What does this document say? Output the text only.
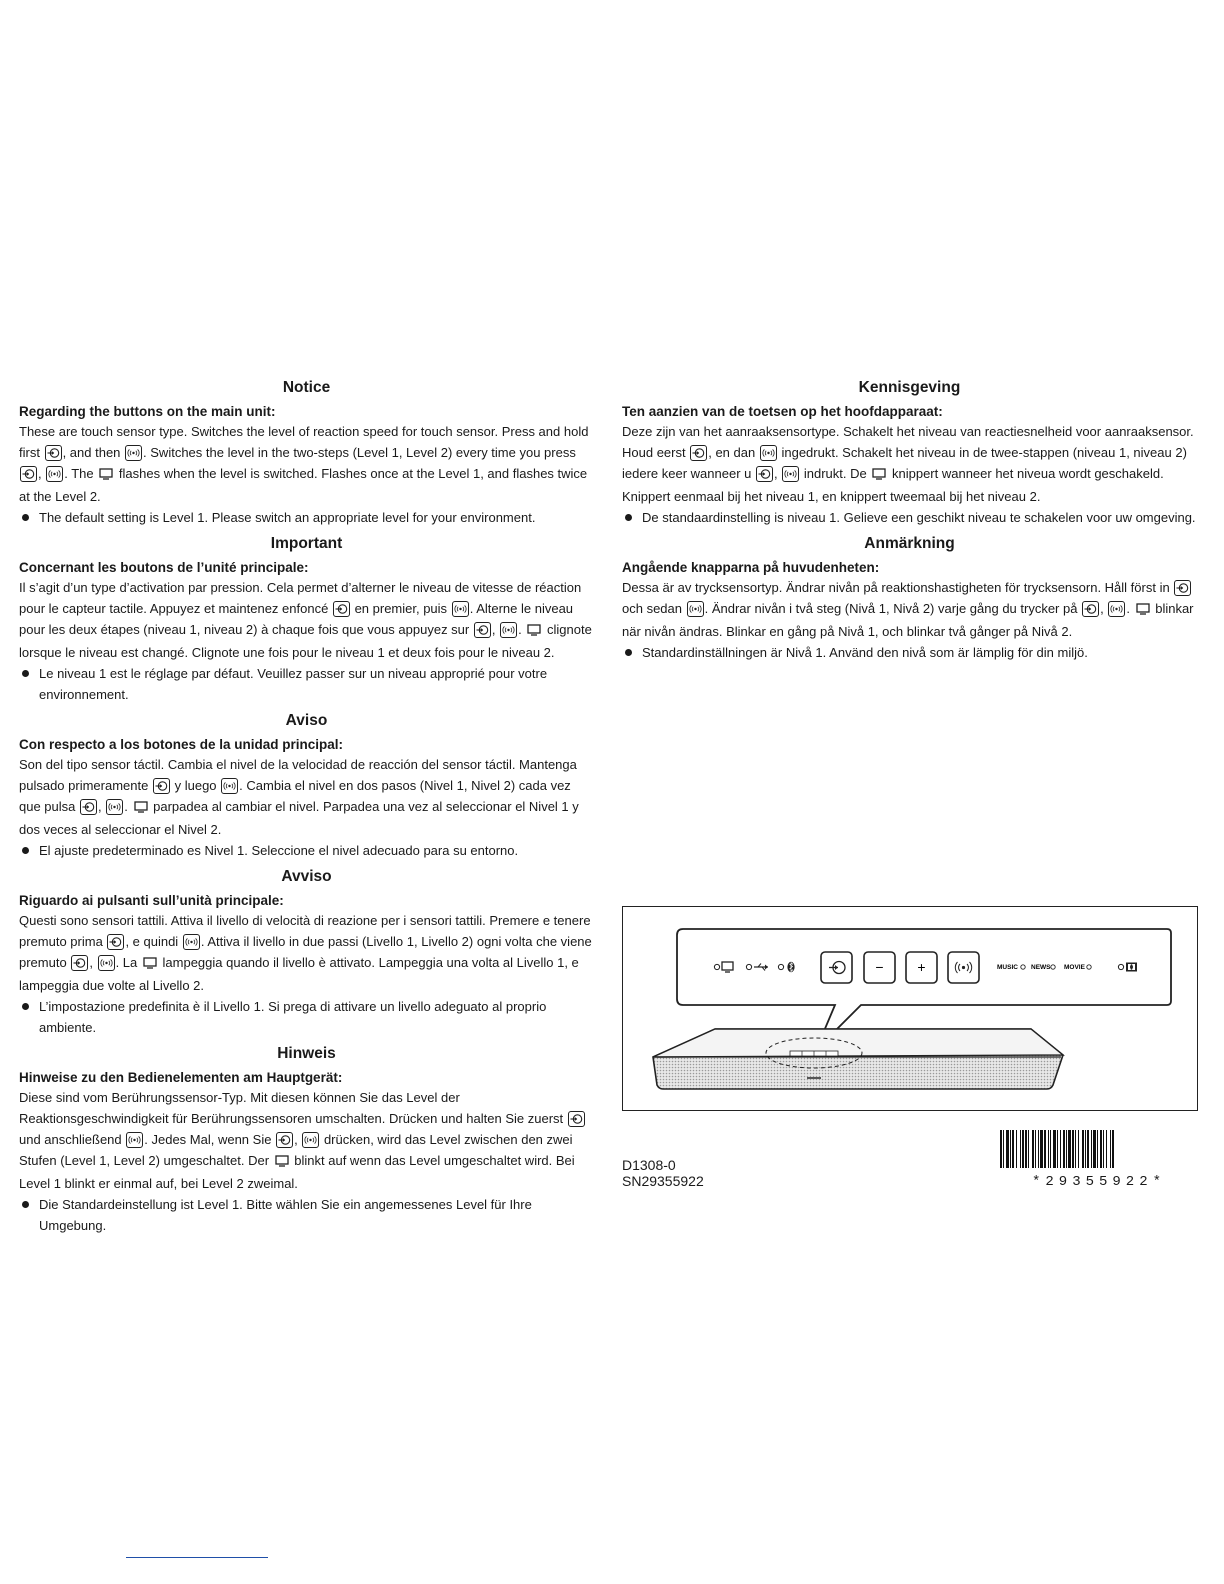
Notice
Regarding the buttons on the main unit:

These are touch sensor type. Switches the level of reaction speed for touch sensor. Press and hold first , and then . Switches the level in the two-steps (Level 1, Level 2) every time you press
, . The flashes when the level is switched. Flashes once at the Level 1, and flashes twice at the Level 2.

The default setting is Level 1. Please switch an appropriate level for your environment.

Important
Concernant les boutons de l’unité principale:

Il s’agit d’un type d’activation par pression. Cela permet d’alterner le niveau de vitesse de réaction pour le capteur tactile. Appuyez et maintenez enfoncé en premier, puis . Alterne le niveau pour les deux étapes (niveau 1, niveau 2) à chaque fois que vous appuyez sur , . clignote lorsque le niveau est changé. Clignote une fois pour le niveau 1 et deux fois pour le niveau 2.

Le niveau 1 est le réglage par défaut. Veuillez passer sur un niveau approprié pour votre environnement.

Aviso
Con respecto a los botones de la unidad principal:

Son del tipo sensor táctil. Cambia el nivel de la velocidad de reacción del sensor táctil. Mantenga pulsado primeramente y luego . Cambia el nivel en dos pasos (Nivel 1, Nivel 2) cada vez que pulsa , . parpadea al cambiar el nivel. Parpadea una vez al seleccionar el Nivel 1 y dos veces al seleccionar el Nivel 2.

El ajuste predeterminado es Nivel 1. Seleccione el nivel adecuado para su entorno.

Avviso
Riguardo ai pulsanti sull’unità principale:

Questi sono sensori tattili. Attiva il livello di velocità di reazione per i sensori tattili. Premere e tenere premuto prima , e quindi . Attiva il livello in due passi (Livello 1, Livello 2) ogni volta che viene premuto , . La lampeggia quando il livello è attivato. Lampeggia una volta al Livello 1, e lampeggia due volte al Livello 2.

L’impostazione predefinita è il Livello 1. Si prega di attivare un livello adeguato al proprio ambiente.

Hinweis
Hinweise zu den Bedienelementen am Hauptgerät:

Diese sind vom Berührungssensor-Typ. Mit diesen können Sie das Level der Reaktionsgeschwindigkeit für Berührungssensoren umschalten. Drücken und halten Sie zuerst
und anschließend . Jedes Mal, wenn Sie , drücken, wird das Level zwischen den zwei Stufen (Level 1, Level 2) umgeschaltet. Der blinkt auf wenn das Level umgeschaltet wird. Bei Level 1 blinkt er einmal auf, bei Level 2 zweimal.

Die Standardeinstellung ist Level 1. Bitte wählen Sie ein angemessenes Level für Ihre Umgebung.

Kennisgeving
Ten aanzien van de toetsen op het hoofdapparaat:

Deze zijn van het aanraaksensortype. Schakelt het niveau van reactiesnelheid voor aanraaksensor. Houd eerst , en dan ingedrukt. Schakelt het niveau in de twee-stappen (niveau 1, niveau 2) iedere keer wanneer u , indrukt. De knippert wanneer het niveua wordt geschakeld. Knippert eenmaal bij het niveau 1, en knippert tweemaal bij het niveau 2.

De standaardinstelling is niveau 1. Gelieve een geschikt niveau te schakelen voor uw omgeving.

Anmärkning
Angående knapparna på huvudenheten:

Dessa är av trycksensortyp. Ändrar nivån på reaktionshastigheten för trycksensorn. Håll först in
och sedan . Ändrar nivån i två steg (Nivå 1, Nivå 2) varje gång du trycker på , . blinkar när nivån ändras. Blinkar en gång på Nivå 1, och blinkar två gånger på Nivå 2.

Standardinställningen är Nivå 1. Använd den nivå som är lämplig för din miljö.

− +	MUSIC NEWS MOVIE
D1308-0
SN29355922	*29355922*
